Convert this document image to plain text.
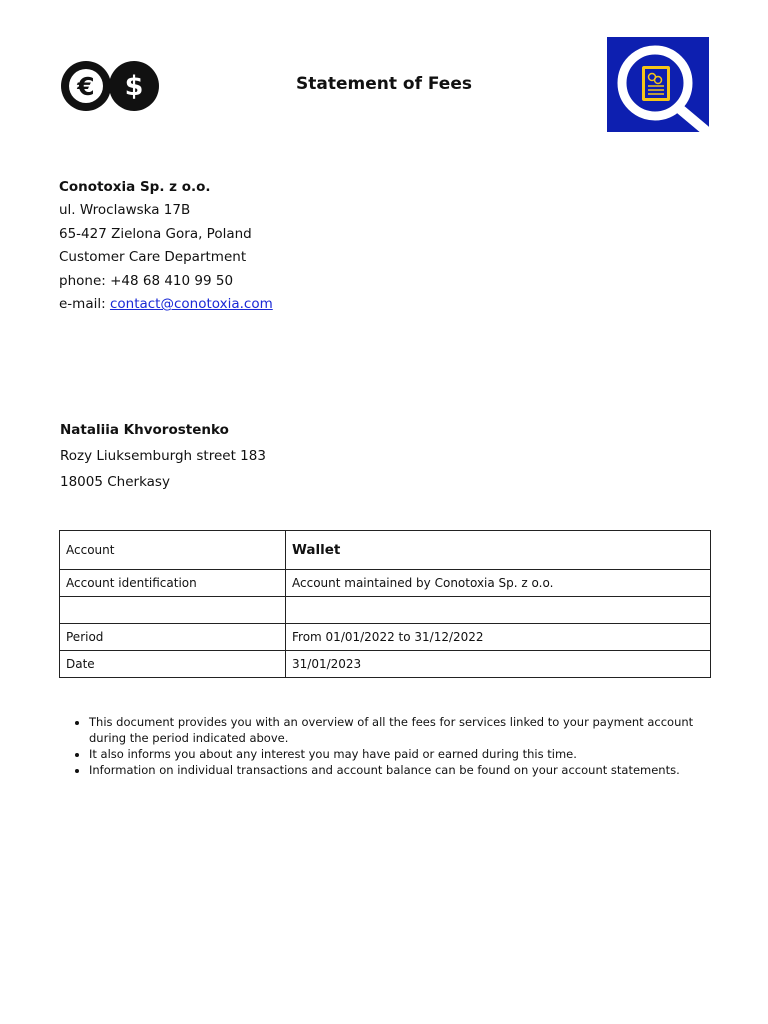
€ $	Statement of Fees
Conotoxia Sp. z o.o.
ul. Wroclawska 17B
65-427 Zielona Gora, Poland
Customer Care Department
phone: +48 68 410 99 50
e-mail: contact@conotoxia.com
Nataliia Khvorostenko
Rozy Liuksemburgh street 183
18005 Cherkasy
Account	Wallet
Account identification	Account maintained by Conotoxia Sp. z o.o.

Period	From 01/01/2022 to 31/12/2022
Date	31/01/2023
• This document provides you with an overview of all the fees for services linked to your payment account during the period indicated above.
• It also informs you about any interest you may have paid or earned during this time.
• Information on individual transactions and account balance can be found on your account statements.
